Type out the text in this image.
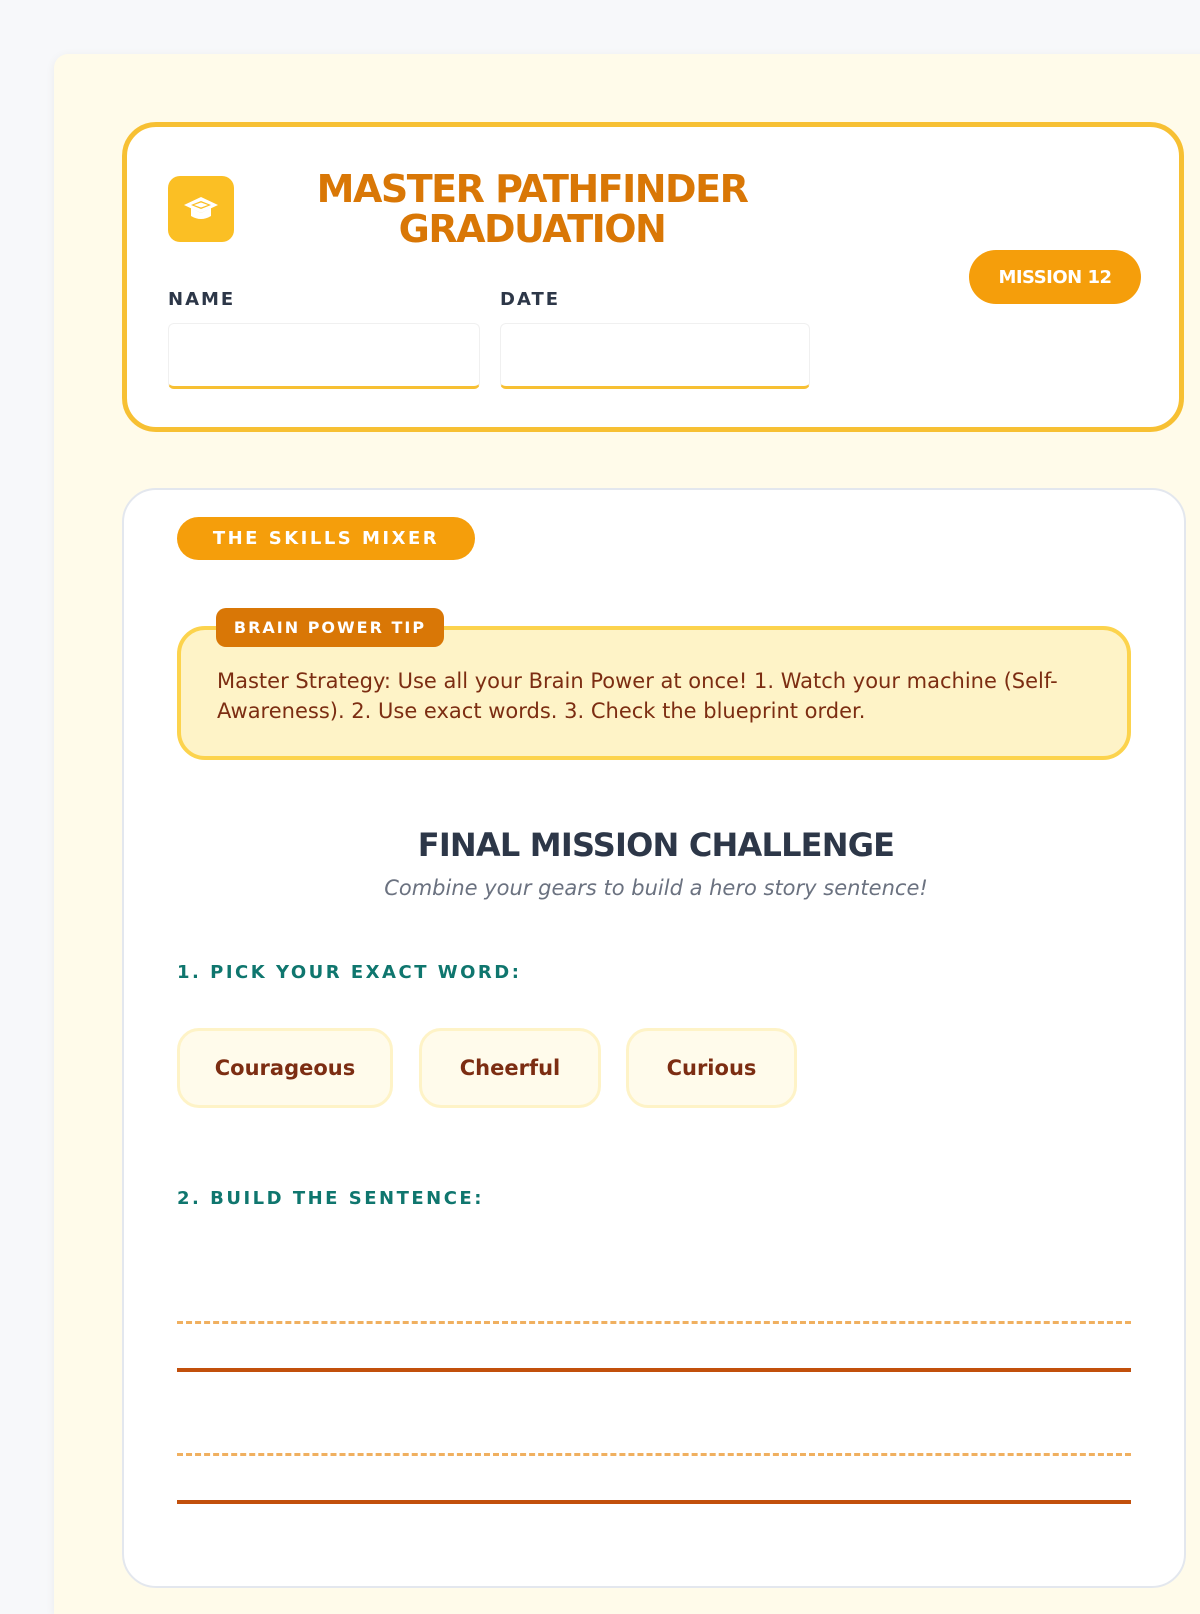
MASTER PATHFINDER
GRADUATION
MISSION 12
NAME	DATE
THE SKILLS MIXER
Master Strategy: Use all your Brain Power at once! 1. Watch your machine (Self-Awareness). 2. Use exact words. 3. Check the blueprint order.
BRAIN POWER TIP
FINAL MISSION CHALLENGE
Combine your gears to build a hero story sentence!
1. PICK YOUR EXACT WORD:
Courageous	Cheerful	Curious
2. BUILD THE SENTENCE:
